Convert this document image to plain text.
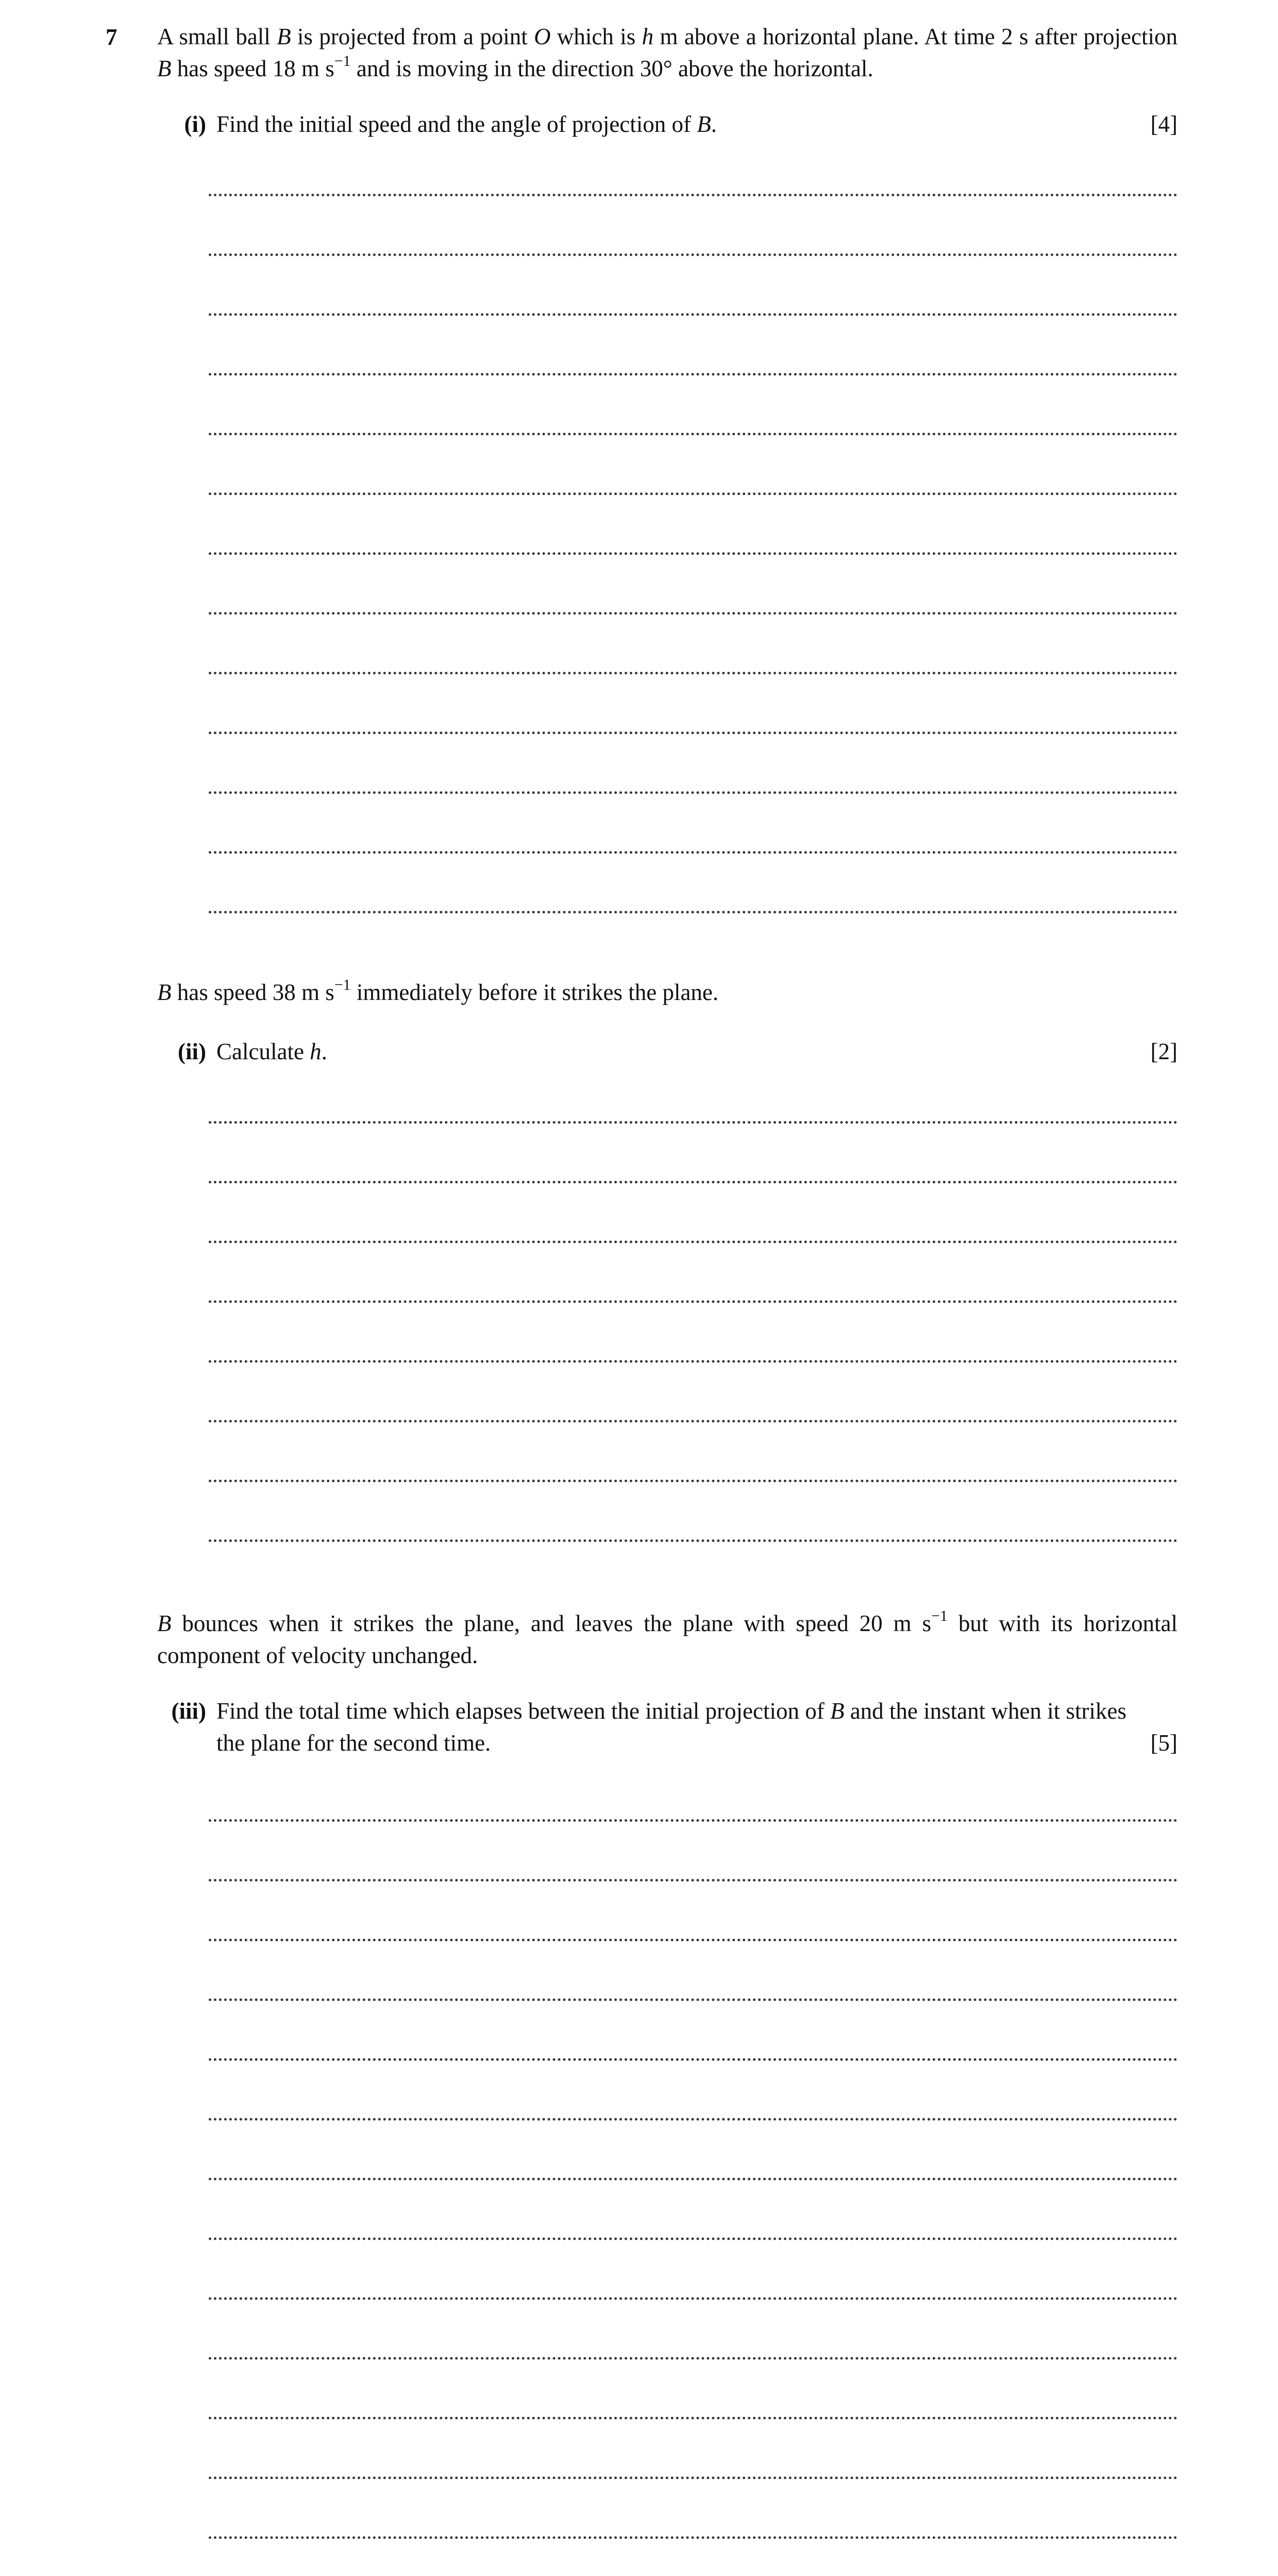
7 A small ball B is projected from a point O which is h m above a horizontal plane. At time 2 s after projection B has speed 18 m $s^{-1}$ and is moving in the direction 30° above the horizontal.
(i) Find the initial speed and the angle of projection of B.	[4]
B has speed 38 m $s^{-1}$ immediately before it strikes the plane.
(ii) Calculate h.	[2]
B bounces when it strikes the plane, and leaves the plane with speed 20 m $s^{-1}$ but with its horizontal component of velocity unchanged.
(iii) Find the total time which elapses between the initial projection of B and the instant when it strikes
the plane for the second time.	[5]
